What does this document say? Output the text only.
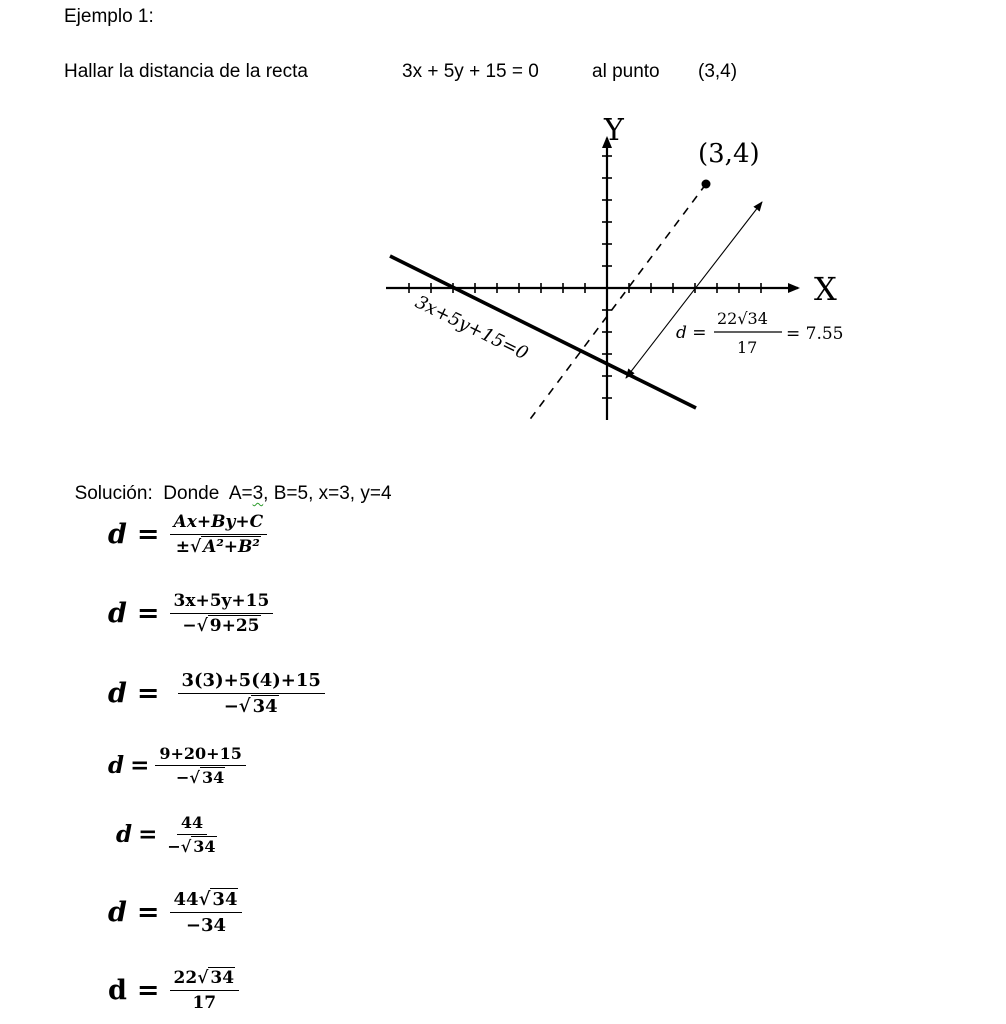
Ejemplo 1:
Hallar la distancia de la recta	3x + 5y + 15 = 0	al punto (3,4)
Y
X
(3,4)
3x+5y+15=0	d =
22√34
17
= 7.55

Solución: Donde A=3, B=5, x=3, y=4

$d = \frac{Ax+By+C}{\text{±√ A²+B²}}$
$d = \frac{3x+5y+15}{-√ 9+25}$
$d = \frac{3(3)+5(4)+15}{-√ 34}$
$d = \frac{9+20+15}{-√ 34}$
$d = \frac{44}{-√ 34}$
$d = \frac{44√ 34}{-34}$
$d = \frac{22√ 34}{17}$
